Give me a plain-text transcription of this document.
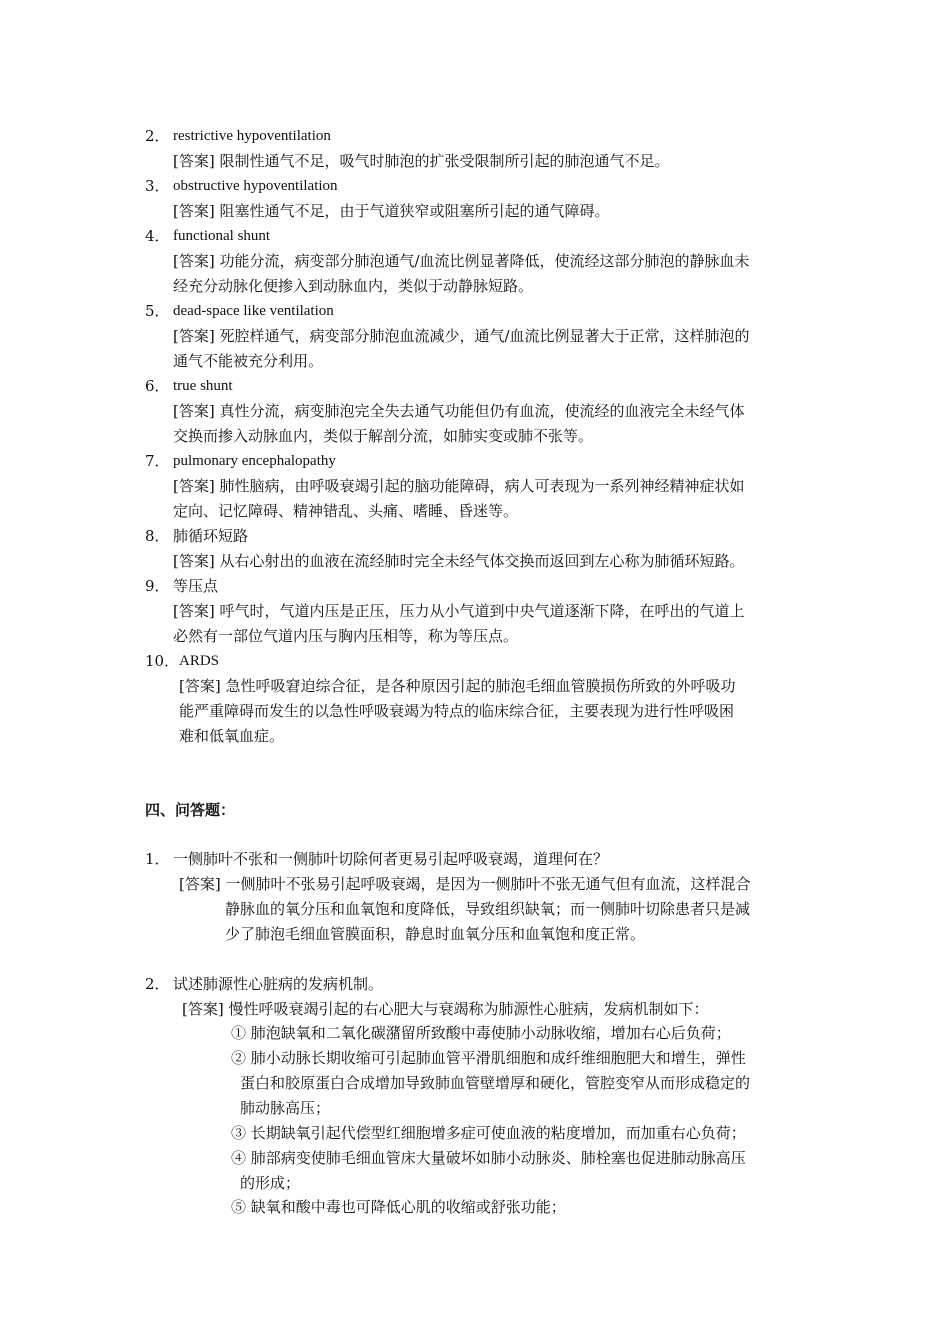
2． restrictive hypoventilation
[答案] 限制性通气不足，吸气时肺泡的扩张受限制所引起的肺泡通气不足。
3． obstructive hypoventilation
[答案] 阻塞性通气不足，由于气道狭窄或阻塞所引起的通气障碍。
4． functional shunt
[答案] 功能分流，病变部分肺泡通气/血流比例显著降低，使流经这部分肺泡的静脉血未
经充分动脉化便掺入到动脉血内，类似于动静脉短路。
5． dead-space like ventilation
[答案] 死腔样通气，病变部分肺泡血流减少，通气/血流比例显著大于正常，这样肺泡的
通气不能被充分利用。
6． true shunt
[答案] 真性分流，病变肺泡完全失去通气功能但仍有血流，使流经的血液完全未经气体
交换而掺入动脉血内，类似于解剖分流，如肺实变或肺不张等。
7． pulmonary encephalopathy
[答案] 肺性脑病，由呼吸衰竭引起的脑功能障碍，病人可表现为一系列神经精神症状如
定向、记忆障碍、精神错乱、头痛、嗜睡、昏迷等。
8． 肺循环短路
[答案] 从右心射出的血液在流经肺时完全未经气体交换而返回到左心称为肺循环短路。
9． 等压点
[答案] 呼气时，气道内压是正压，压力从小气道到中央气道逐渐下降，在呼出的气道上
必然有一部位气道内压与胸内压相等，称为等压点。
10． ARDS
[答案] 急性呼吸窘迫综合征，是各种原因引起的肺泡毛细血管膜损伤所致的外呼吸功
能严重障碍而发生的以急性呼吸衰竭为特点的临床综合征，主要表现为进行性呼吸困
难和低氧血症。
四、问答题：
1． 一侧肺叶不张和一侧肺叶切除何者更易引起呼吸衰竭，道理何在？
[答案] 一侧肺叶不张易引起呼吸衰竭，是因为一侧肺叶不张无通气但有血流，这样混合
静脉血的氧分压和血氧饱和度降低，导致组织缺氧；而一侧肺叶切除患者只是减
少了肺泡毛细血管膜面积，静息时血氧分压和血氧饱和度正常。
2． 试述肺源性心脏病的发病机制。
[答案] 慢性呼吸衰竭引起的右心肥大与衰竭称为肺源性心脏病，发病机制如下：
① 肺泡缺氧和二氧化碳潴留所致酸中毒使肺小动脉收缩，增加右心后负荷；
② 肺小动脉长期收缩可引起肺血管平滑肌细胞和成纤维细胞肥大和增生，弹性
蛋白和胶原蛋白合成增加导致肺血管壁增厚和硬化，管腔变窄从而形成稳定的
肺动脉高压；
③ 长期缺氧引起代偿型红细胞增多症可使血液的粘度增加，而加重右心负荷；
④ 肺部病变使肺毛细血管床大量破坏如肺小动脉炎、肺栓塞也促进肺动脉高压
的形成；
⑤ 缺氧和酸中毒也可降低心肌的收缩或舒张功能；
